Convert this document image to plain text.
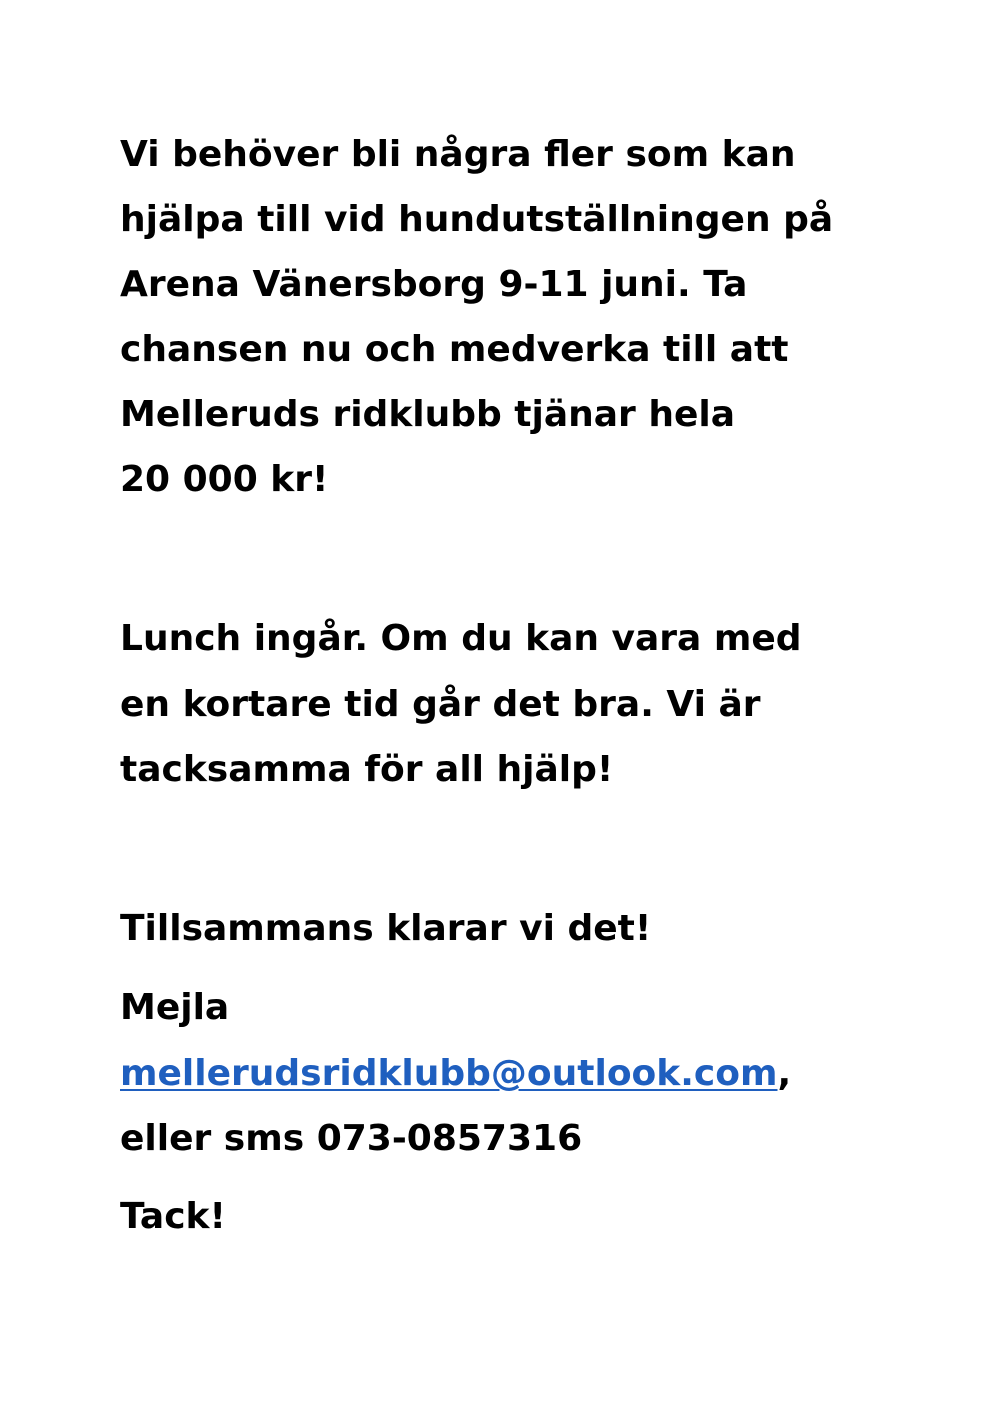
Vi behöver bli några fler som kan
hjälpa till vid hundutställningen på
Arena Vänersborg 9-11 juni. Ta
chansen nu och medverka till att
Melleruds ridklubb tjänar hela
20 000 kr!
Lunch ingår. Om du kan vara med
en kortare tid går det bra. Vi är
tacksamma för all hjälp!
Tillsammans klarar vi det!
Mejla
mellerudsridklubb@outlook.com,
eller sms 073-0857316
Tack!
